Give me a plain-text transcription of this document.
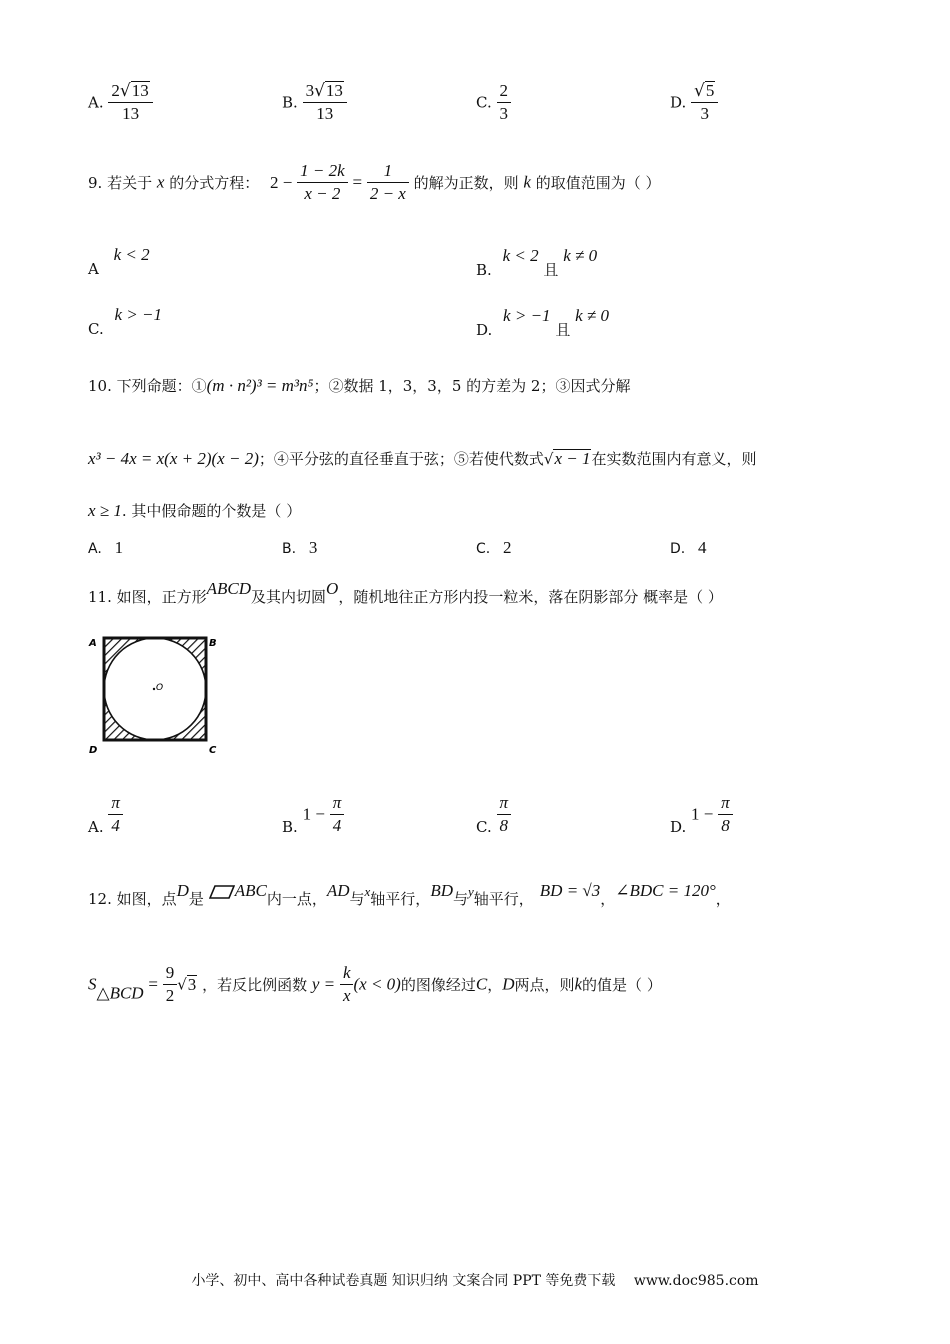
A. $\frac{2√13}{13}$	B. $\frac{3√13}{13}$	C. $\frac{2}{3}$	D. $\frac{√5}{3}$
9. 若关于 x 的分式方程： $2 - \frac{1 - 2k}{x - 2} = \frac{1}{2 - x}$ 的解为正数，则 k 的取值范围为（ ）
A k < 2
B. k < 2 且 k ≠ 0
C. k > −1
D. k > −1 且 k ≠ 0
10. 下列命题：①(m · n²)³ = m³n⁵；②数据 1，3，3，5 的方差为 2；③因式分解
x³ − 4x = x(x + 2)(x − 2)；④平分弦的直径垂直于弦；⑤若使代数式√x − 1在实数范围内有意义，则
x ≥ 1. 其中假命题的个数是（ ）
A. 1	B. 3	C. 2	D. 4
11. 如图，正方形ABCD及其内切圆O，随机地往正方形内投一粒米，落在阴影部分 概率是（ ）
A	B
C
D
O
A. $\frac{\pi}{4}$	B. $1 - \frac{\pi}{4}$	C. $\frac{\pi}{8}$	D. $1 - \frac{\pi}{8}$
12. 如图，点D是 ABC内一点，AD与x轴平行，BD与y轴平行， BD = √3，∠BDC = 120°，
$S_{\triangle BCD} = \frac{9}{2} √3$ ，若反比例函数 $y = \frac{k}{x} (x < 0)$的图像经过C，D两点，则k的值是（ ）
小学、初中、高中各种试卷真题 知识归纳 文案合同 PPT 等免费下载 www.doc985.com
